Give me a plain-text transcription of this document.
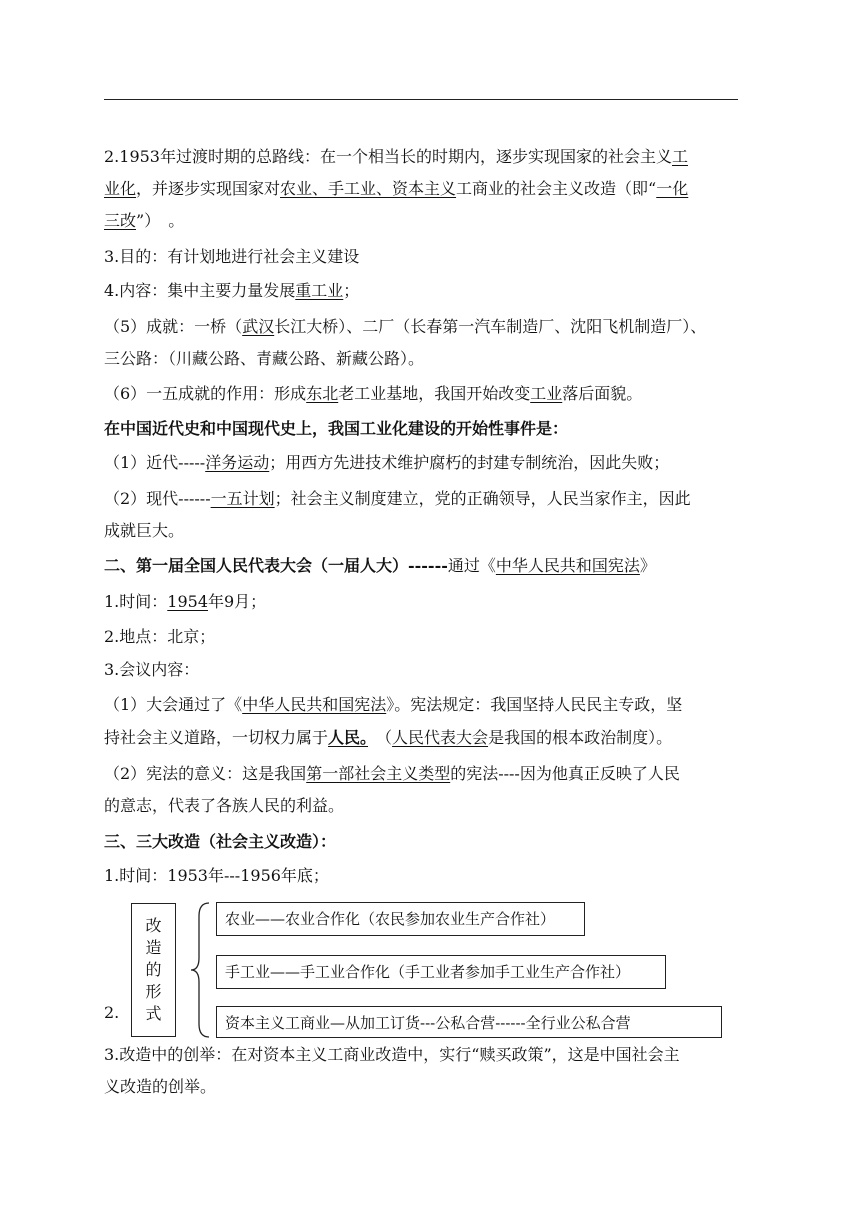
2.1953年过渡时期的总路线：在一个相当长的时期内，逐步实现国家的社会主义工
业化，并逐步实现国家对农业、手工业、资本主义工商业的社会主义改造（即“一化
三改”）　。
3.目的：有计划地进行社会主义建设
4.内容：集中主要力量发展重工业；
（5）成就：一桥（武汉长江大桥）、二厂（长春第一汽车制造厂、沈阳飞机制造厂）、
三公路：（川藏公路、青藏公路、新藏公路）。
（6）一五成就的作用：形成东北老工业基地，我国开始改变工业落后面貌。
在中国近代史和中国现代史上，我国工业化建设的开始性事件是：
（1）近代-----洋务运动；用西方先进技术维护腐朽的封建专制统治，因此失败；
（2）现代------一五计划；社会主义制度建立，党的正确领导，人民当家作主，因此
成就巨大。
二、第一届全国人民代表大会（一届人大）------通过《中华人民共和国宪法》
1.时间：1954年9月；
2.地点：北京；
3.会议内容：
（1）大会通过了《中华人民共和国宪法》。宪法规定：我国坚持人民民主专政，坚
持社会主义道路，一切权力属于人民。　（人民代表大会是我国的根本政治制度）。
（2）宪法的意义：这是我国第一部社会主义类型的宪法----因为他真正反映了人民
的意志，代表了各族人民的利益。
三、三大改造（社会主义改造）：
1.时间：1953年---1956年底；
2.
改
造
的
形
式
农业——农业合作化（农民参加农业生产合作社）
手工业——手工业合作化（手工业者参加手工业生产合作社）
资本主义工商业—从加工订货---公私合营------全行业公私合营
3.改造中的创举：在对资本主义工商业改造中，实行“赎买政策”，这是中国社会主
义改造的创举。
